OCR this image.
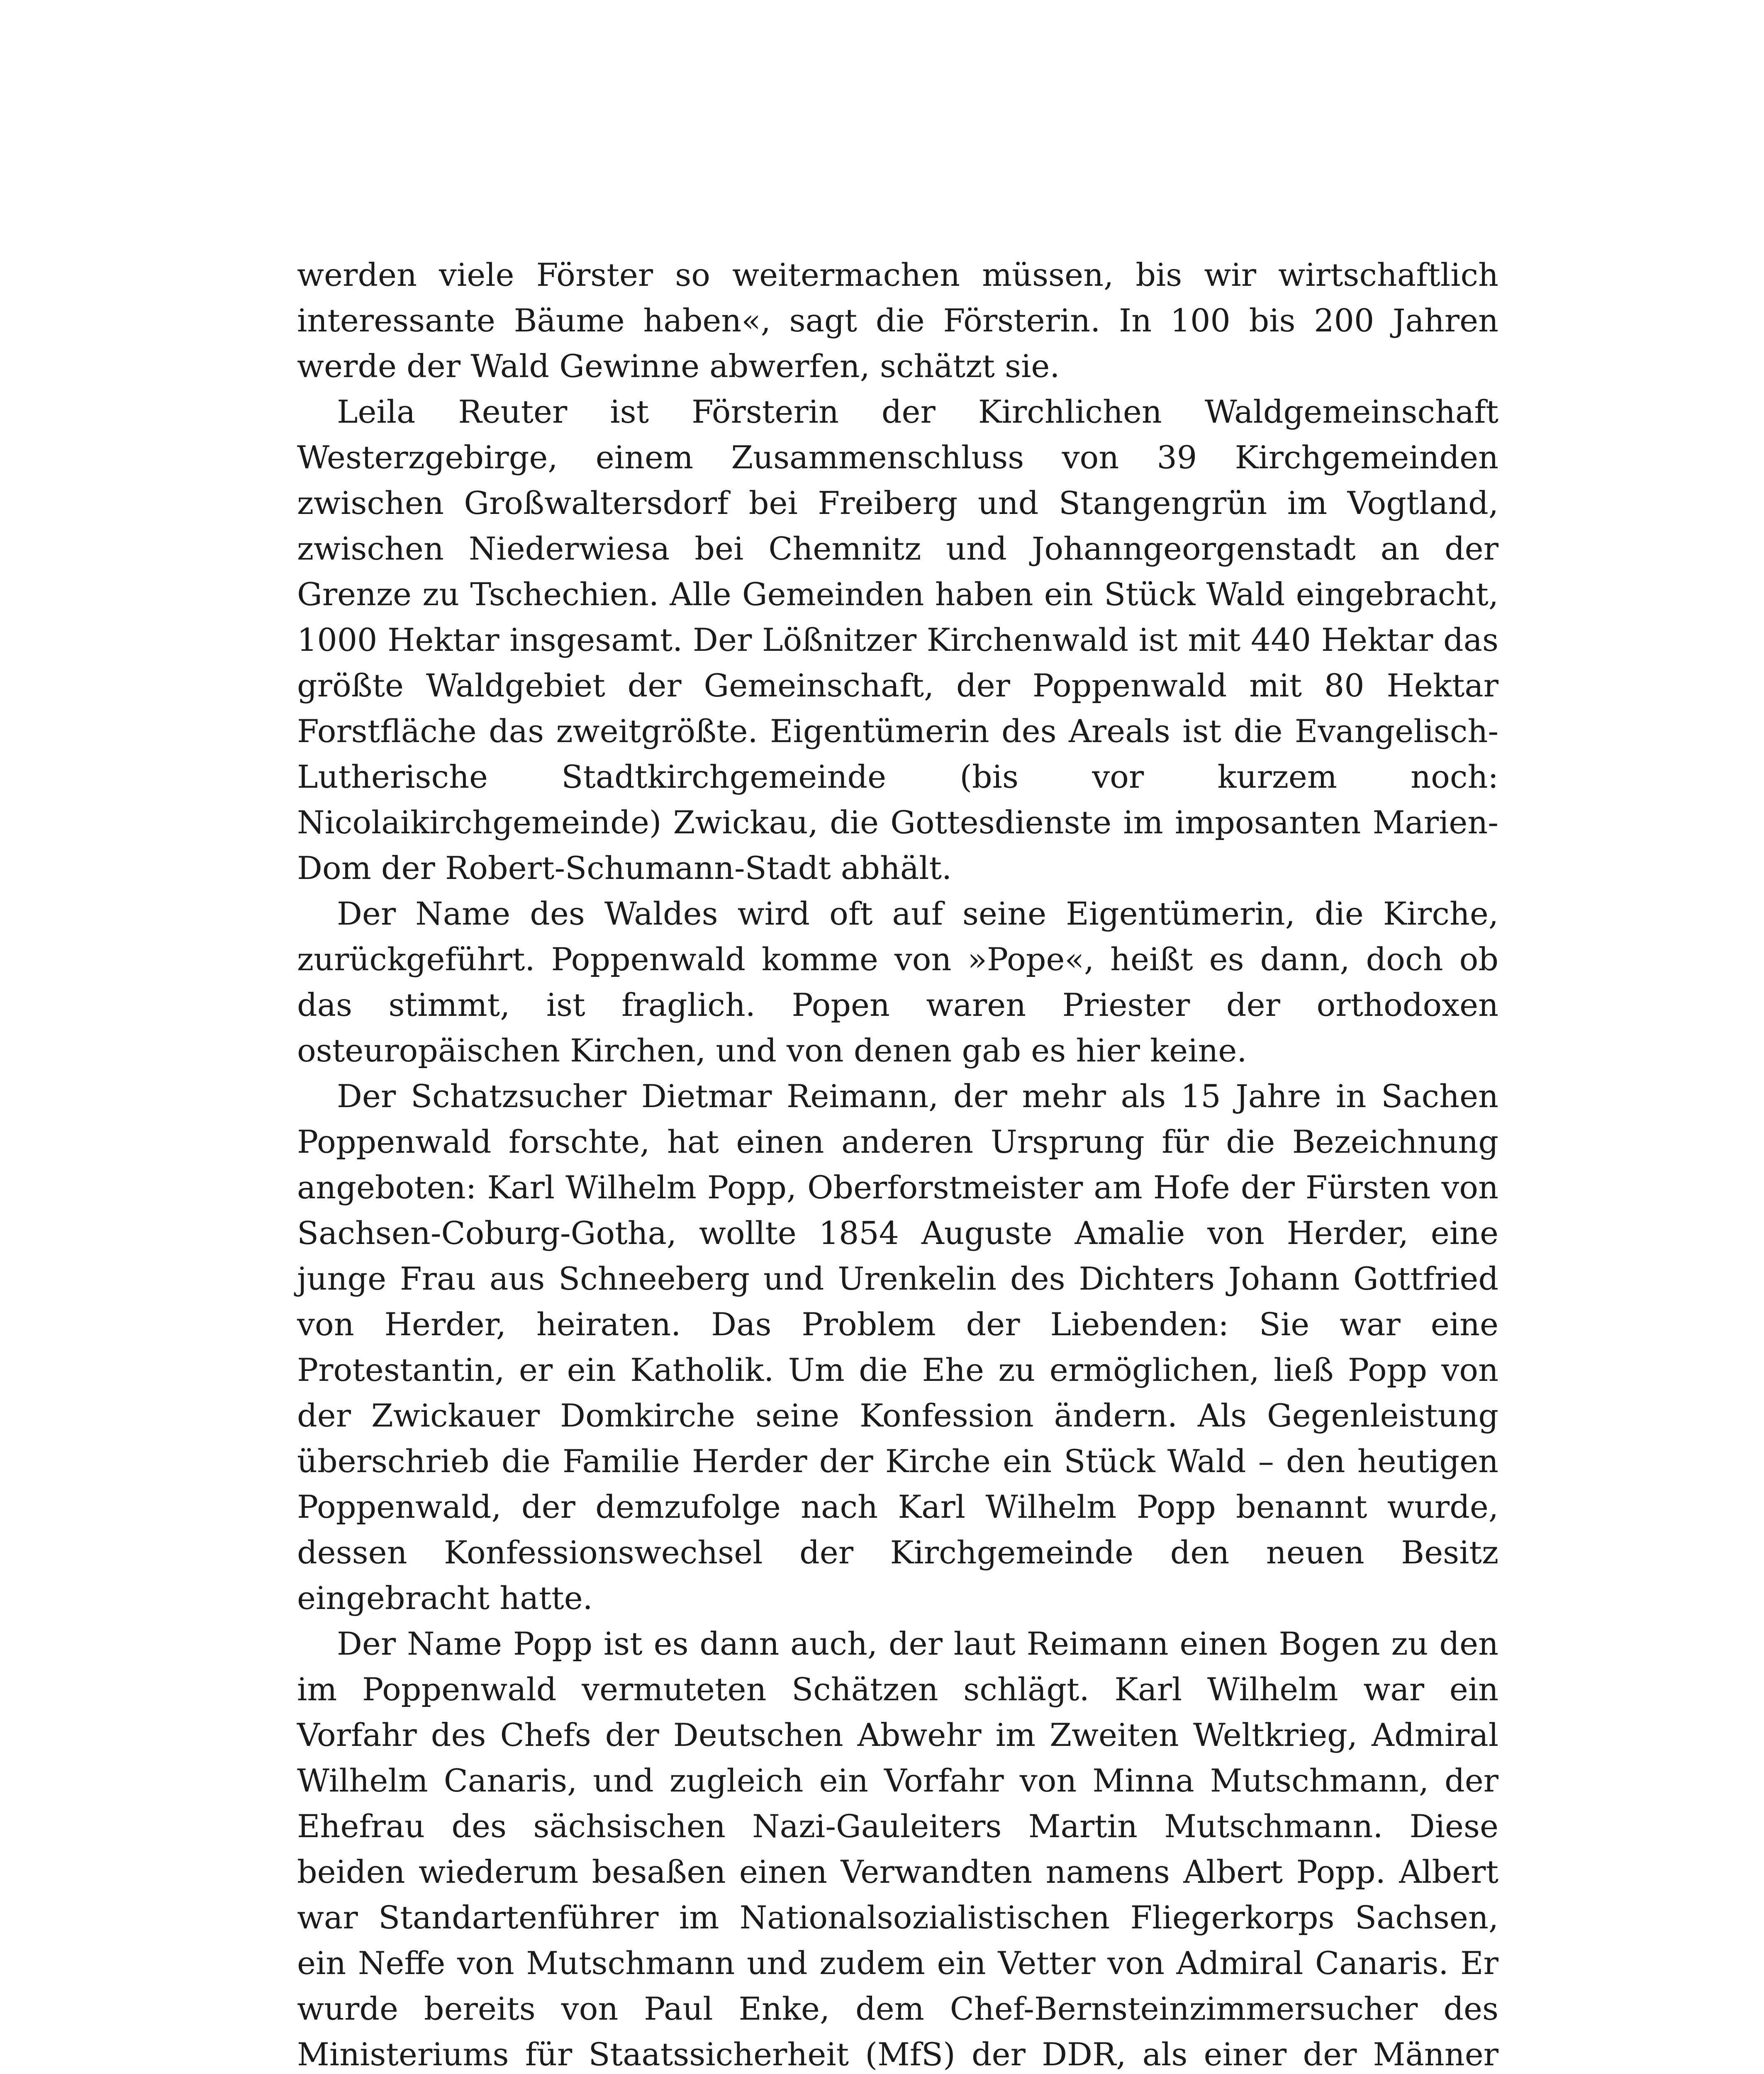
werden viele Förster so weitermachen müssen, bis wir wirtschaftlich interessante Bäume haben«, sagt die Försterin. In 100 bis 200 Jahren werde der Wald Gewinne abwerfen, schätzt sie.

Leila Reuter ist Försterin der Kirchlichen Waldgemeinschaft Westerzgebirge, einem Zusammenschluss von 39 Kirchgemeinden zwischen Großwaltersdorf bei Freiberg und Stangengrün im Vogtland, zwischen Niederwiesa bei Chemnitz und Johanngeorgenstadt an der Grenze zu Tschechien. Alle Gemeinden haben ein Stück Wald eingebracht, 1000 Hektar insgesamt. Der Lößnitzer Kirchenwald ist mit 440 Hektar das größte Waldgebiet der Gemeinschaft, der Poppenwald mit 80 Hektar Forstfläche das zweitgrößte. Eigentümerin des Areals ist die Evangelisch-Lutherische Stadtkirchgemeinde (bis vor kurzem noch: Nicolaikirchgemeinde) Zwickau, die Gottesdienste im imposanten Marien-Dom der Robert-Schumann-Stadt abhält.

Der Name des Waldes wird oft auf seine Eigentümerin, die Kirche, zurückgeführt. Poppenwald komme von »Pope«, heißt es dann, doch ob das stimmt, ist fraglich. Popen waren Priester der orthodoxen osteuropäischen Kirchen, und von denen gab es hier keine.

Der Schatzsucher Dietmar Reimann, der mehr als 15 Jahre in Sachen Poppenwald forschte, hat einen anderen Ursprung für die Bezeichnung angeboten: Karl Wilhelm Popp, Oberforstmeister am Hofe der Fürsten von Sachsen-Coburg-Gotha, wollte 1854 Auguste Amalie von Herder, eine junge Frau aus Schneeberg und Urenkelin des Dichters Johann Gottfried von Herder, heiraten. Das Problem der Liebenden: Sie war eine Protestantin, er ein Katholik. Um die Ehe zu ermöglichen, ließ Popp von der Zwickauer Domkirche seine Konfession ändern. Als Gegenleistung überschrieb die Familie Herder der Kirche ein Stück Wald – den heutigen Poppenwald, der demzufolge nach Karl Wilhelm Popp benannt wurde, dessen Konfessionswechsel der Kirchgemeinde den neuen Besitz eingebracht hatte.

Der Name Popp ist es dann auch, der laut Reimann einen Bogen zu den im Poppenwald vermuteten Schätzen schlägt. Karl Wilhelm war ein Vorfahr des Chefs der Deutschen Abwehr im Zweiten Weltkrieg, Admiral Wilhelm Canaris, und zugleich ein Vorfahr von Minna Mutschmann, der Ehefrau des sächsischen Nazi-Gauleiters Martin Mutschmann. Diese beiden wiederum besaßen einen Verwandten namens Albert Popp. Albert war Standartenführer im Nationalsozialistischen Fliegerkorps Sachsen, ein Neffe von Mutschmann und zudem ein Vetter von Admiral Canaris. Er wurde bereits von Paul Enke, dem Chef-Bernsteinzimmersucher des Ministeriums für Staatssicherheit (MfS) der DDR, als einer der Männer
